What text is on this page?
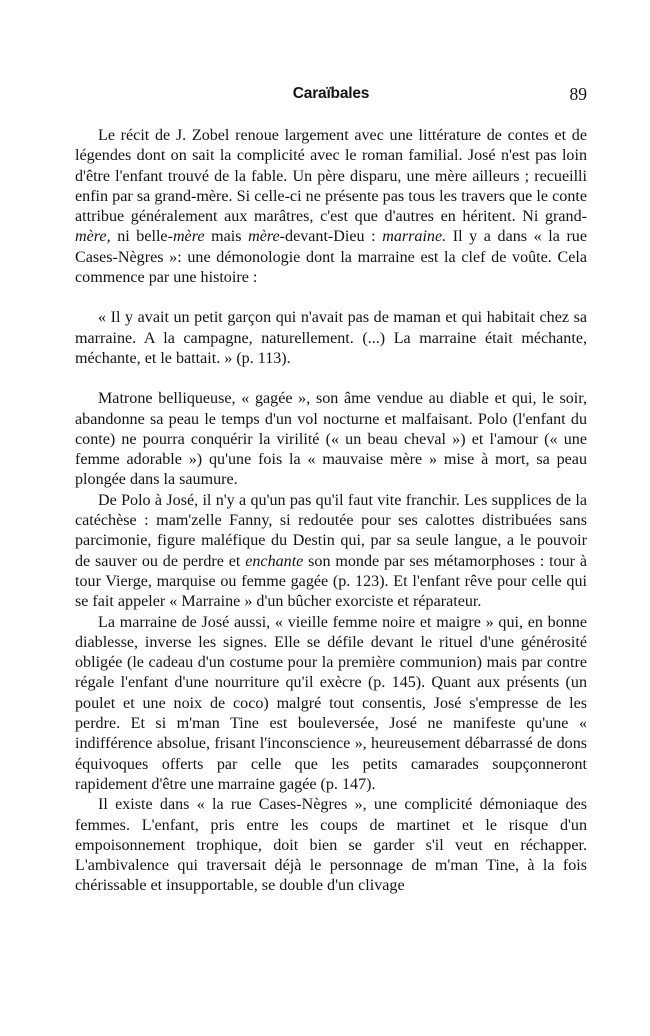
Caraïbales	89

Le récit de J. Zobel renoue largement avec une littérature de contes et de légendes dont on sait la complicité avec le roman familial. José n'est pas loin d'être l'enfant trouvé de la fable. Un père disparu, une mère ailleurs ; recueilli enfin par sa grand-mère. Si celle-ci ne présente pas tous les travers que le conte attribue généralement aux marâtres, c'est que d'autres en héritent. Ni grand-mère, ni belle-mère mais mère-devant-Dieu : marraine. Il y a dans « la rue Cases-Nègres »: une démonologie dont la marraine est la clef de voûte. Cela commence par une histoire :

« Il y avait un petit garçon qui n'avait pas de maman et qui habitait chez sa marraine. A la campagne, naturellement. (...) La marraine était méchante, méchante, et le battait. » (p. 113).

Matrone belliqueuse, « gagée », son âme vendue au diable et qui, le soir, abandonne sa peau le temps d'un vol nocturne et malfaisant. Polo (l'enfant du conte) ne pourra conquérir la virilité (« un beau cheval ») et l'amour (« une femme adorable ») qu'une fois la « mauvaise mère » mise à mort, sa peau plongée dans la saumure.

De Polo à José, il n'y a qu'un pas qu'il faut vite franchir. Les supplices de la catéchèse : mam'zelle Fanny, si redoutée pour ses calottes distribuées sans parcimonie, figure maléfique du Destin qui, par sa seule langue, a le pouvoir de sauver ou de perdre et enchante son monde par ses métamorphoses : tour à tour Vierge, marquise ou femme gagée (p. 123). Et l'enfant rêve pour celle qui se fait appeler « Marraine » d'un bûcher exorciste et réparateur.

La marraine de José aussi, « vieille femme noire et maigre » qui, en bonne diablesse, inverse les signes. Elle se défile devant le rituel d'une générosité obligée (le cadeau d'un costume pour la première communion) mais par contre régale l'enfant d'une nourriture qu'il exècre (p. 145). Quant aux présents (un poulet et une noix de coco) malgré tout consentis, José s'empresse de les perdre. Et si m'man Tine est bouleversée, José ne manifeste qu'une « indifférence absolue, frisant l'inconscience », heureusement débarrassé de dons équivoques offerts par celle que les petits camarades soupçonneront rapidement d'être une marraine gagée (p. 147).

Il existe dans « la rue Cases-Nègres », une complicité démoniaque des femmes. L'enfant, pris entre les coups de martinet et le risque d'un empoisonnement trophique, doit bien se garder s'il veut en réchapper. L'ambivalence qui traversait déjà le personnage de m'man Tine, à la fois chérissable et insupportable, se double d'un clivage
